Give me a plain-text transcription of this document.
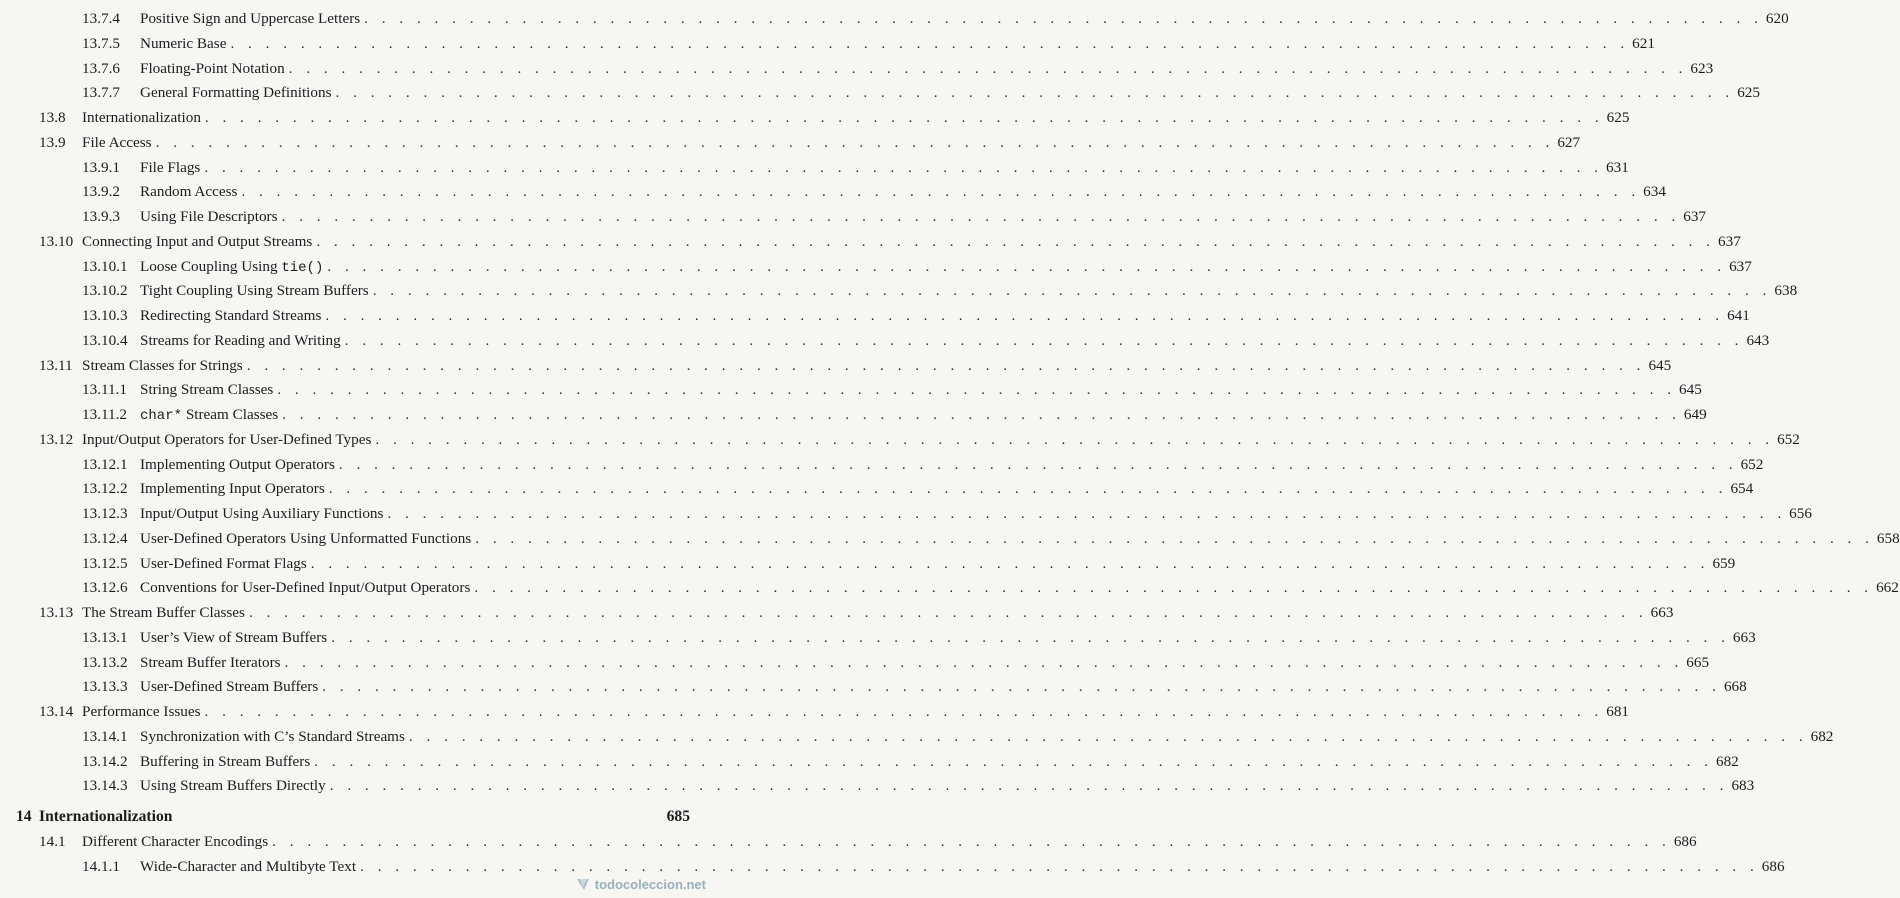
13.7.4	Positive Sign and Uppercase Letters . . . . . . . . . . . . . . . . . . . . . . . . . . . . . . . . . . . . . . . . . . . . . . . . . . . . . . . . . . . . . . . . . . . . . . . . . . . . . . . . 620
13.7.5	Numeric Base . . . . . . . . . . . . . . . . . . . . . . . . . . . . . . . . . . . . . . . . . . . . . . . . . . . . . . . . . . . . . . . . . . . . . . . . . . . . . . . . 621
13.7.6	Floating-Point Notation . . . . . . . . . . . . . . . . . . . . . . . . . . . . . . . . . . . . . . . . . . . . . . . . . . . . . . . . . . . . . . . . . . . . . . . . . . . . . . . . 623
13.7.7	General Formatting Definitions . . . . . . . . . . . . . . . . . . . . . . . . . . . . . . . . . . . . . . . . . . . . . . . . . . . . . . . . . . . . . . . . . . . . . . . . . . . . . . . . 625
13.8	Internationalization . . . . . . . . . . . . . . . . . . . . . . . . . . . . . . . . . . . . . . . . . . . . . . . . . . . . . . . . . . . . . . . . . . . . . . . . . . . . . . . . 625
13.9	File Access . . . . . . . . . . . . . . . . . . . . . . . . . . . . . . . . . . . . . . . . . . . . . . . . . . . . . . . . . . . . . . . . . . . . . . . . . . . . . . . . 627
13.9.1	File Flags . . . . . . . . . . . . . . . . . . . . . . . . . . . . . . . . . . . . . . . . . . . . . . . . . . . . . . . . . . . . . . . . . . . . . . . . . . . . . . . . 631
13.9.2	Random Access . . . . . . . . . . . . . . . . . . . . . . . . . . . . . . . . . . . . . . . . . . . . . . . . . . . . . . . . . . . . . . . . . . . . . . . . . . . . . . . . 634
13.9.3	Using File Descriptors . . . . . . . . . . . . . . . . . . . . . . . . . . . . . . . . . . . . . . . . . . . . . . . . . . . . . . . . . . . . . . . . . . . . . . . . . . . . . . . . 637
13.10 Connecting Input and Output Streams . . . . . . . . . . . . . . . . . . . . . . . . . . . . . . . . . . . . . . . . . . . . . . . . . . . . . . . . . . . . . . . . . . . . . . . . . . . . . . . . 637
13.10.1 Loose Coupling Using tie() . . . . . . . . . . . . . . . . . . . . . . . . . . . . . . . . . . . . . . . . . . . . . . . . . . . . . . . . . . . . . . . . . . . . . . . . . . . . . . . . 637
13.10.2 Tight Coupling Using Stream Buffers . . . . . . . . . . . . . . . . . . . . . . . . . . . . . . . . . . . . . . . . . . . . . . . . . . . . . . . . . . . . . . . . . . . . . . . . . . . . . . . . 638
13.10.3 Redirecting Standard Streams . . . . . . . . . . . . . . . . . . . . . . . . . . . . . . . . . . . . . . . . . . . . . . . . . . . . . . . . . . . . . . . . . . . . . . . . . . . . . . . . 641
13.10.4 Streams for Reading and Writing . . . . . . . . . . . . . . . . . . . . . . . . . . . . . . . . . . . . . . . . . . . . . . . . . . . . . . . . . . . . . . . . . . . . . . . . . . . . . . . . 643
13.11 Stream Classes for Strings . . . . . . . . . . . . . . . . . . . . . . . . . . . . . . . . . . . . . . . . . . . . . . . . . . . . . . . . . . . . . . . . . . . . . . . . . . . . . . . . 645
13.11.1 String Stream Classes . . . . . . . . . . . . . . . . . . . . . . . . . . . . . . . . . . . . . . . . . . . . . . . . . . . . . . . . . . . . . . . . . . . . . . . . . . . . . . . . 645
13.11.2 char* Stream Classes . . . . . . . . . . . . . . . . . . . . . . . . . . . . . . . . . . . . . . . . . . . . . . . . . . . . . . . . . . . . . . . . . . . . . . . . . . . . . . . . 649
13.12 Input/Output Operators for User-Defined Types . . . . . . . . . . . . . . . . . . . . . . . . . . . . . . . . . . . . . . . . . . . . . . . . . . . . . . . . . . . . . . . . . . . . . . . . . . . . . . . . 652
13.12.1 Implementing Output Operators . . . . . . . . . . . . . . . . . . . . . . . . . . . . . . . . . . . . . . . . . . . . . . . . . . . . . . . . . . . . . . . . . . . . . . . . . . . . . . . . 652
13.12.2 Implementing Input Operators . . . . . . . . . . . . . . . . . . . . . . . . . . . . . . . . . . . . . . . . . . . . . . . . . . . . . . . . . . . . . . . . . . . . . . . . . . . . . . . . 654
13.12.3 Input/Output Using Auxiliary Functions . . . . . . . . . . . . . . . . . . . . . . . . . . . . . . . . . . . . . . . . . . . . . . . . . . . . . . . . . . . . . . . . . . . . . . . . . . . . . . . . 656
13.12.4 User-Defined Operators Using Unformatted Functions . . . . . . . . . . . . . . . . . . . . . . . . . . . . . . . . . . . . . . . . . . . . . . . . . . . . . . . . . . . . . . . . . . . . . . . . . . . . . . . . 658
13.12.5 User-Defined Format Flags . . . . . . . . . . . . . . . . . . . . . . . . . . . . . . . . . . . . . . . . . . . . . . . . . . . . . . . . . . . . . . . . . . . . . . . . . . . . . . . . 659
13.12.6 Conventions for User-Defined Input/Output Operators . . . . . . . . . . . . . . . . . . . . . . . . . . . . . . . . . . . . . . . . . . . . . . . . . . . . . . . . . . . . . . . . . . . . . . . . . . . . . . . . 662
13.13 The Stream Buffer Classes . . . . . . . . . . . . . . . . . . . . . . . . . . . . . . . . . . . . . . . . . . . . . . . . . . . . . . . . . . . . . . . . . . . . . . . . . . . . . . . . 663
13.13.1 User’s View of Stream Buffers . . . . . . . . . . . . . . . . . . . . . . . . . . . . . . . . . . . . . . . . . . . . . . . . . . . . . . . . . . . . . . . . . . . . . . . . . . . . . . . . 663
13.13.2 Stream Buffer Iterators . . . . . . . . . . . . . . . . . . . . . . . . . . . . . . . . . . . . . . . . . . . . . . . . . . . . . . . . . . . . . . . . . . . . . . . . . . . . . . . . 665
13.13.3 User-Defined Stream Buffers . . . . . . . . . . . . . . . . . . . . . . . . . . . . . . . . . . . . . . . . . . . . . . . . . . . . . . . . . . . . . . . . . . . . . . . . . . . . . . . . 668
13.14 Performance Issues . . . . . . . . . . . . . . . . . . . . . . . . . . . . . . . . . . . . . . . . . . . . . . . . . . . . . . . . . . . . . . . . . . . . . . . . . . . . . . . . 681
13.14.1 Synchronization with C’s Standard Streams . . . . . . . . . . . . . . . . . . . . . . . . . . . . . . . . . . . . . . . . . . . . . . . . . . . . . . . . . . . . . . . . . . . . . . . . . . . . . . . . 682
13.14.2 Buffering in Stream Buffers . . . . . . . . . . . . . . . . . . . . . . . . . . . . . . . . . . . . . . . . . . . . . . . . . . . . . . . . . . . . . . . . . . . . . . . . . . . . . . . . 682
13.14.3 Using Stream Buffers Directly . . . . . . . . . . . . . . . . . . . . . . . . . . . . . . . . . . . . . . . . . . . . . . . . . . . . . . . . . . . . . . . . . . . . . . . . . . . . . . . . 683
14 Internationalization	685
14.1	Different Character Encodings . . . . . . . . . . . . . . . . . . . . . . . . . . . . . . . . . . . . . . . . . . . . . . . . . . . . . . . . . . . . . . . . . . . . . . . . . . . . . . . . 686
14.1.1	Wide-Character and Multibyte Text . . . . . . . . . . . . . . . . . . . . . . . . . . . . . . . . . . . . . . . . . . . . . . . . . . . . . . . . . . . . . . . . . . . . . . . . . . . . . . . . 686
todocoleccion.net
